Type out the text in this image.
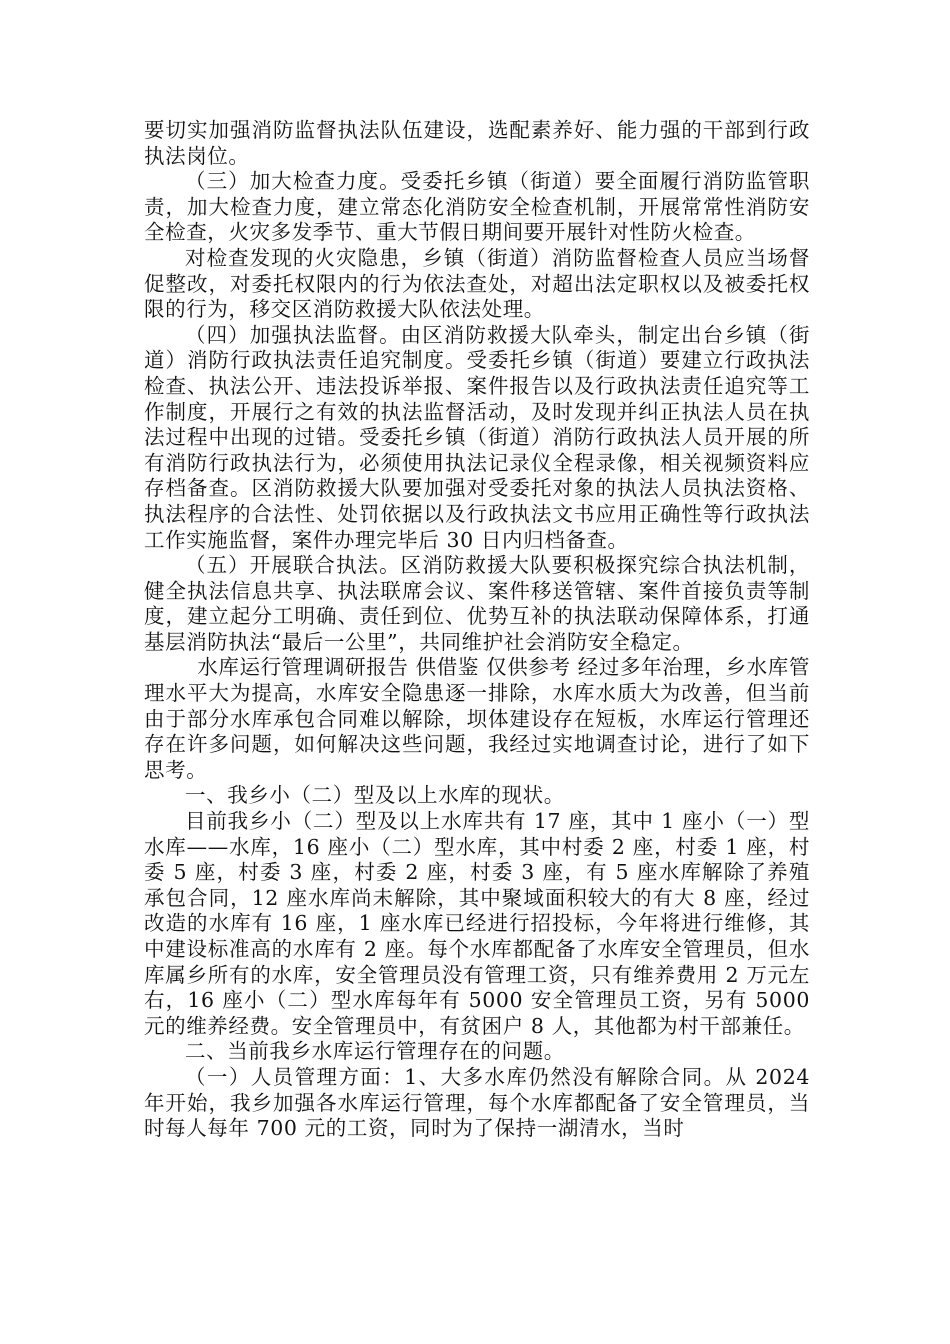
要切实加强消防监督执法队伍建设，选配素养好、能力强的干部到行政执法岗位。

（三）加大检查力度。受委托乡镇（街道）要全面履行消防监管职责，加大检查力度，建立常态化消防安全检查机制，开展常常性消防安全检查，火灾多发季节、重大节假日期间要开展针对性防火检查。

对检查发现的火灾隐患，乡镇（街道）消防监督检查人员应当场督促整改，对委托权限内的行为依法查处，对超出法定职权以及被委托权限的行为，移交区消防救援大队依法处理。

（四）加强执法监督。由区消防救援大队牵头，制定出台乡镇（街道）消防行政执法责任追究制度。受委托乡镇（街道）要建立行政执法检查、执法公开、违法投诉举报、案件报告以及行政执法责任追究等工作制度，开展行之有效的执法监督活动，及时发现并纠正执法人员在执法过程中出现的过错。受委托乡镇（街道）消防行政执法人员开展的所有消防行政执法行为，必须使用执法记录仪全程录像，相关视频资料应存档备查。区消防救援大队要加强对受委托对象的执法人员执法资格、执法程序的合法性、处罚依据以及行政执法文书应用正确性等行政执法工作实施监督，案件办理完毕后 30 日内归档备查。

（五）开展联合执法。区消防救援大队要积极探究综合执法机制，健全执法信息共享、执法联席会议、案件移送管辖、案件首接负责等制度，建立起分工明确、责任到位、优势互补的执法联动保障体系，打通基层消防执法“最后一公里”，共同维护社会消防安全稳定。

水库运行管理调研报告 供借鉴 仅供参考 经过多年治理，乡水库管理水平大为提高，水库安全隐患逐一排除，水库水质大为改善，但当前由于部分水库承包合同难以解除，坝体建设存在短板，水库运行管理还存在许多问题，如何解决这些问题，我经过实地调查讨论，进行了如下思考。

一、我乡小（二）型及以上水库的现状。

目前我乡小（二）型及以上水库共有 17 座，其中 1 座小（一）型水库——水库，16 座小（二）型水库，其中村委 2 座，村委 1 座，村委 5 座，村委 3 座，村委 2 座，村委 3 座，有 5 座水库解除了养殖承包合同，12 座水库尚未解除，其中聚域面积较大的有大 8 座，经过改造的水库有 16 座，1 座水库已经进行招投标，今年将进行维修，其中建设标准高的水库有 2 座。每个水库都配备了水库安全管理员，但水库属乡所有的水库，安全管理员没有管理工资，只有维养费用 2 万元左右，16 座小（二）型水库每年有 5000 安全管理员工资，另有 5000 元的维养经费。安全管理员中，有贫困户 8 人，其他都为村干部兼任。

二、当前我乡水库运行管理存在的问题。

（一）人员管理方面：1、大多水库仍然没有解除合同。从 2024 年开始，我乡加强各水库运行管理，每个水库都配备了安全管理员，当时每人每年 700 元的工资，同时为了保持一湖清水，当时
